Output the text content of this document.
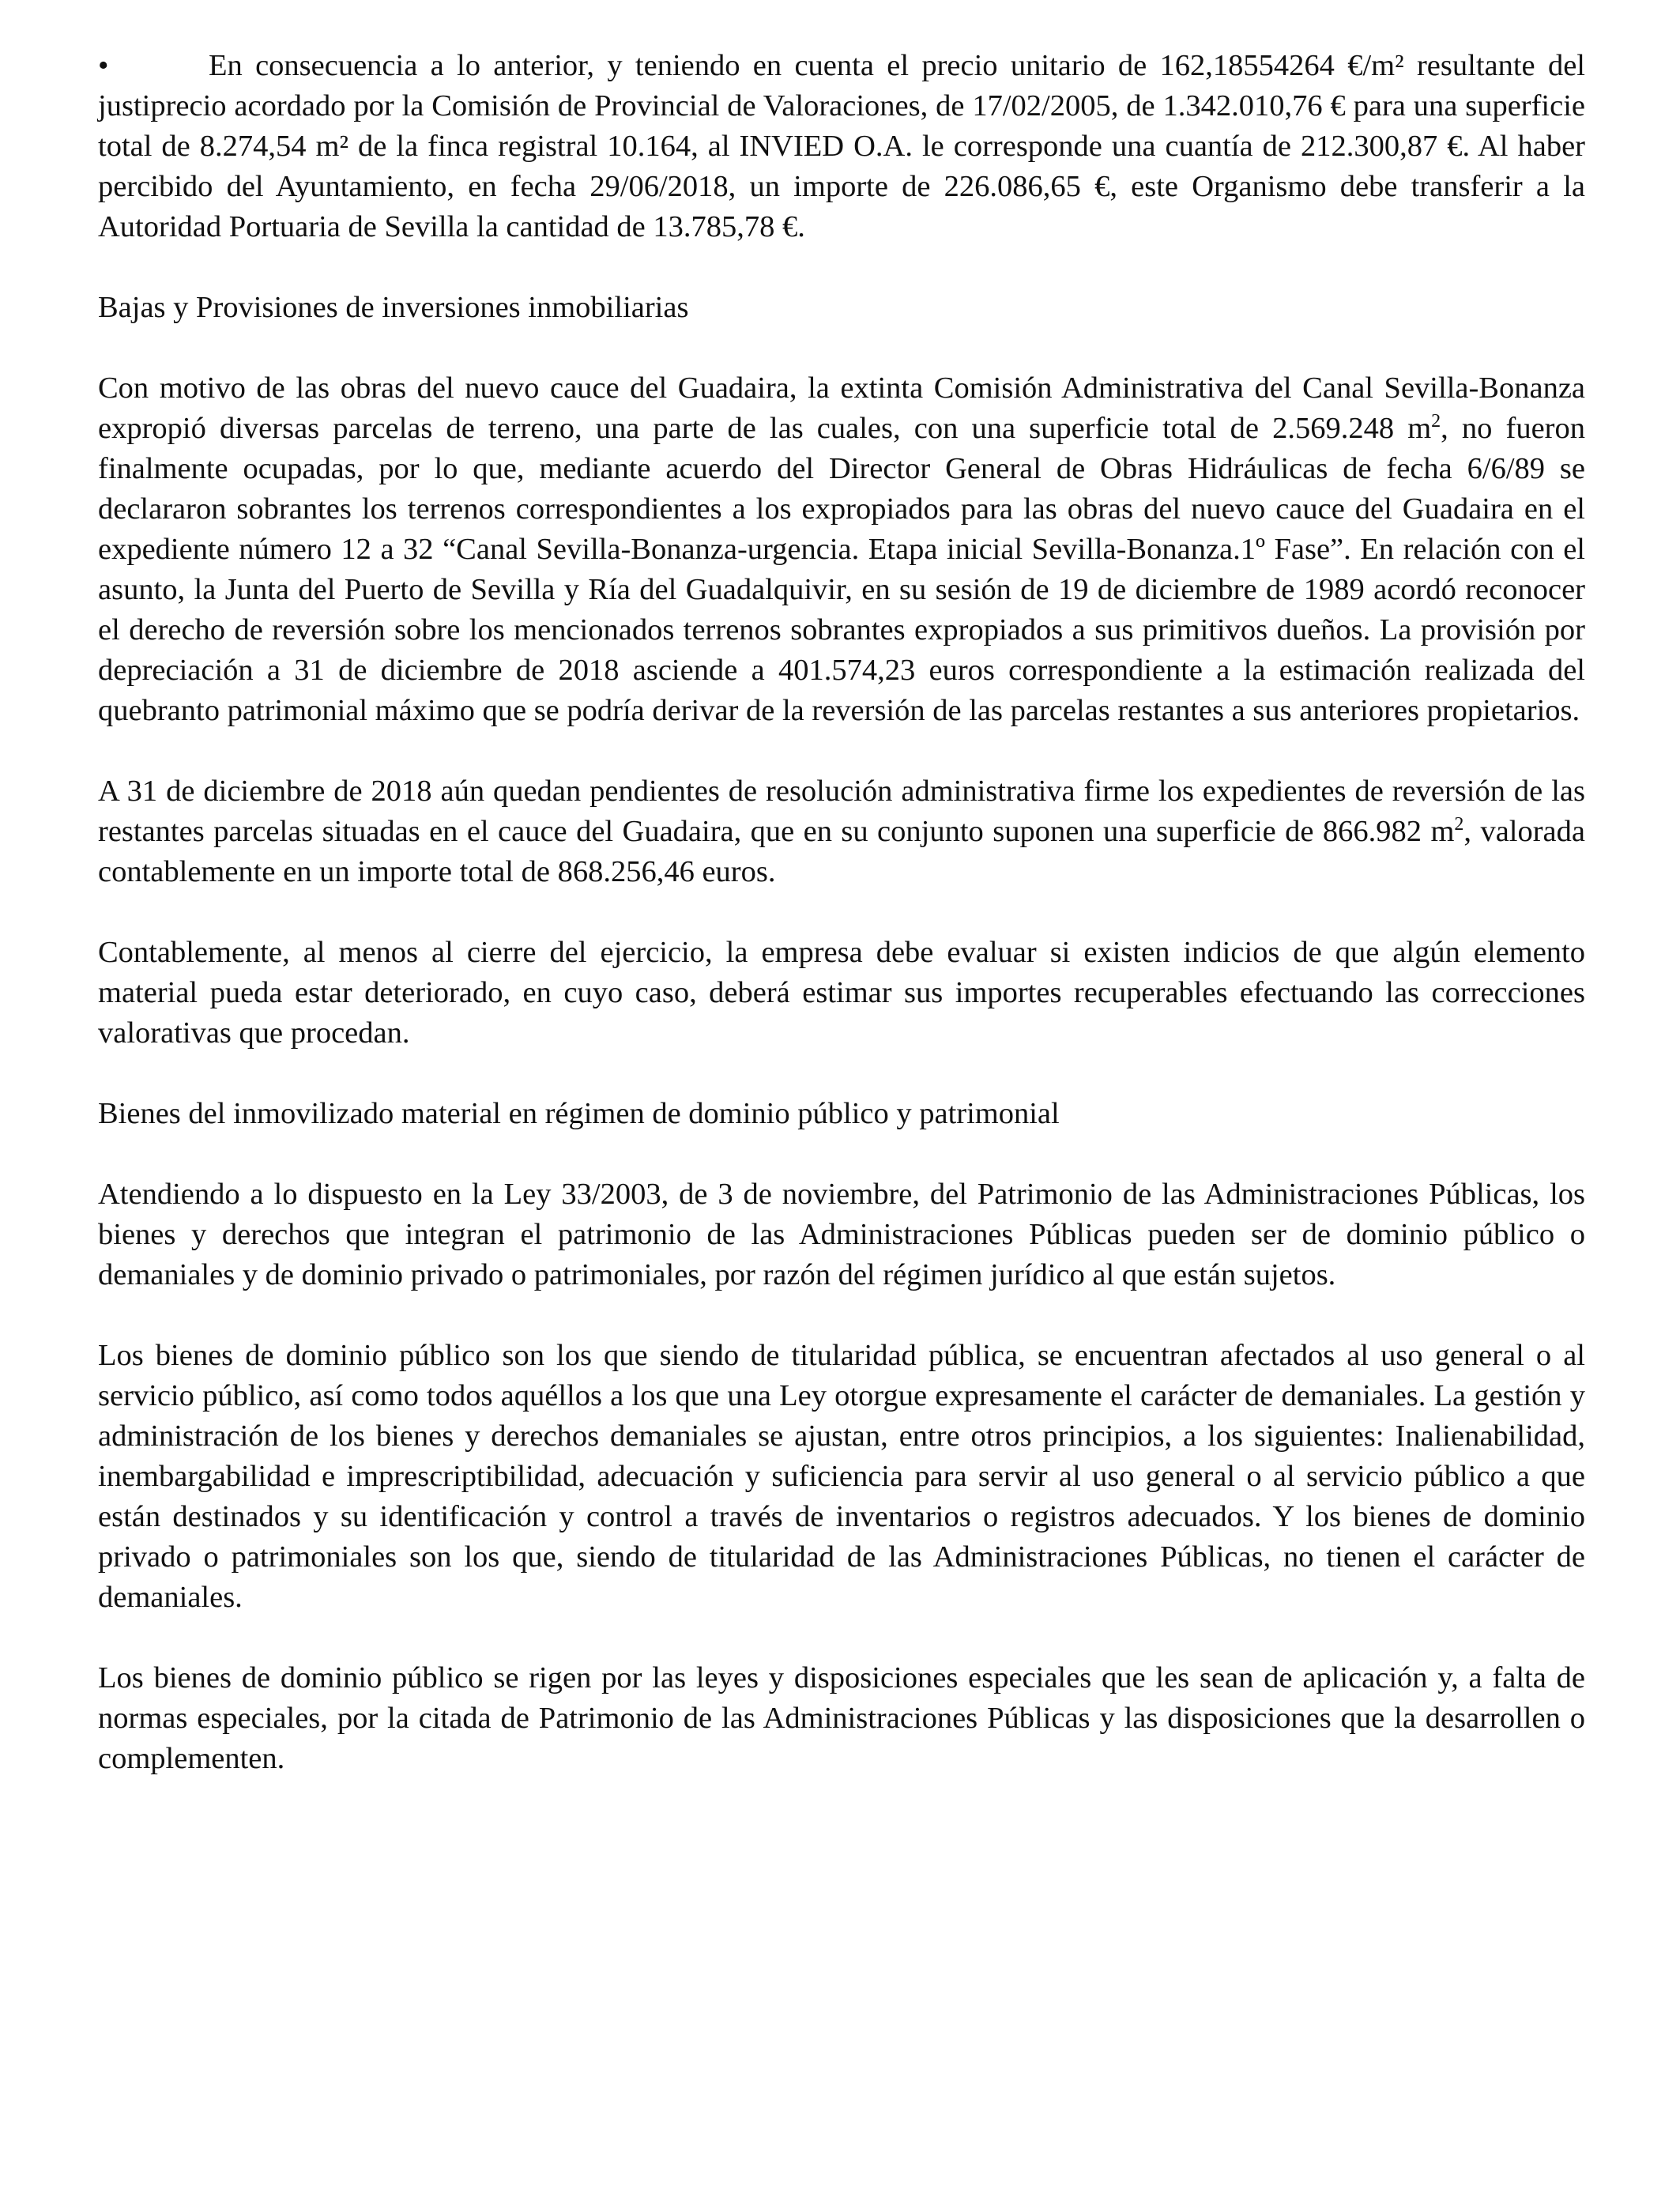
•	En consecuencia a lo anterior, y teniendo en cuenta el precio unitario de 162,18554264 €/m² resultante del justiprecio acordado por la Comisión de Provincial de Valoraciones, de 17/02/2005, de 1.342.010,76 € para una superficie total de 8.274,54 m² de la finca registral 10.164, al INVIED O.A. le corresponde una cuantía de 212.300,87 €. Al haber percibido del Ayuntamiento, en fecha 29/06/2018, un importe de 226.086,65 €, este Organismo debe transferir a la Autoridad Portuaria de Sevilla la cantidad de 13.785,78 €.

Bajas y Provisiones de inversiones inmobiliarias

Con motivo de las obras del nuevo cauce del Guadaira, la extinta Comisión Administrativa del Canal Sevilla-Bonanza expropió diversas parcelas de terreno, una parte de las cuales, con una superficie total de 2.569.248 $m^2$, no fueron finalmente ocupadas, por lo que, mediante acuerdo del Director General de Obras Hidráulicas de fecha 6/6/89 se declararon sobrantes los terrenos correspondientes a los expropiados para las obras del nuevo cauce del Guadaira en el expediente número 12 a 32 “Canal Sevilla-Bonanza-urgencia. Etapa inicial Sevilla-Bonanza.1º Fase”. En relación con el asunto, la Junta del Puerto de Sevilla y Ría del Guadalquivir, en su sesión de 19 de diciembre de 1989 acordó reconocer el derecho de reversión sobre los mencionados terrenos sobrantes expropiados a sus primitivos dueños. La provisión por depreciación a 31 de diciembre de 2018 asciende a 401.574,23 euros correspondiente a la estimación realizada del quebranto patrimonial máximo que se podría derivar de la reversión de las parcelas restantes a sus anteriores propietarios.

A 31 de diciembre de 2018 aún quedan pendientes de resolución administrativa firme los expedientes de reversión de las restantes parcelas situadas en el cauce del Guadaira, que en su conjunto suponen una superficie de 866.982 $m^2$, valorada contablemente en un importe total de 868.256,46 euros.

Contablemente, al menos al cierre del ejercicio, la empresa debe evaluar si existen indicios de que algún elemento material pueda estar deteriorado, en cuyo caso, deberá estimar sus importes recuperables efectuando las correcciones valorativas que procedan.

Bienes del inmovilizado material en régimen de dominio público y patrimonial

Atendiendo a lo dispuesto en la Ley 33/2003, de 3 de noviembre, del Patrimonio de las Administraciones Públicas, los bienes y derechos que integran el patrimonio de las Administraciones Públicas pueden ser de dominio público o demaniales y de dominio privado o patrimoniales, por razón del régimen jurídico al que están sujetos.

Los bienes de dominio público son los que siendo de titularidad pública, se encuentran afectados al uso general o al servicio público, así como todos aquéllos a los que una Ley otorgue expresamente el carácter de demaniales. La gestión y administración de los bienes y derechos demaniales se ajustan, entre otros principios, a los siguientes: Inalienabilidad, inembargabilidad e imprescriptibilidad, adecuación y suficiencia para servir al uso general o al servicio público a que están destinados y su identificación y control a través de inventarios o registros adecuados. Y los bienes de dominio privado o patrimoniales son los que, siendo de titularidad de las Administraciones Públicas, no tienen el carácter de demaniales.

Los bienes de dominio público se rigen por las leyes y disposiciones especiales que les sean de aplicación y, a falta de normas especiales, por la citada de Patrimonio de las Administraciones Públicas y las disposiciones que la desarrollen o complementen.
